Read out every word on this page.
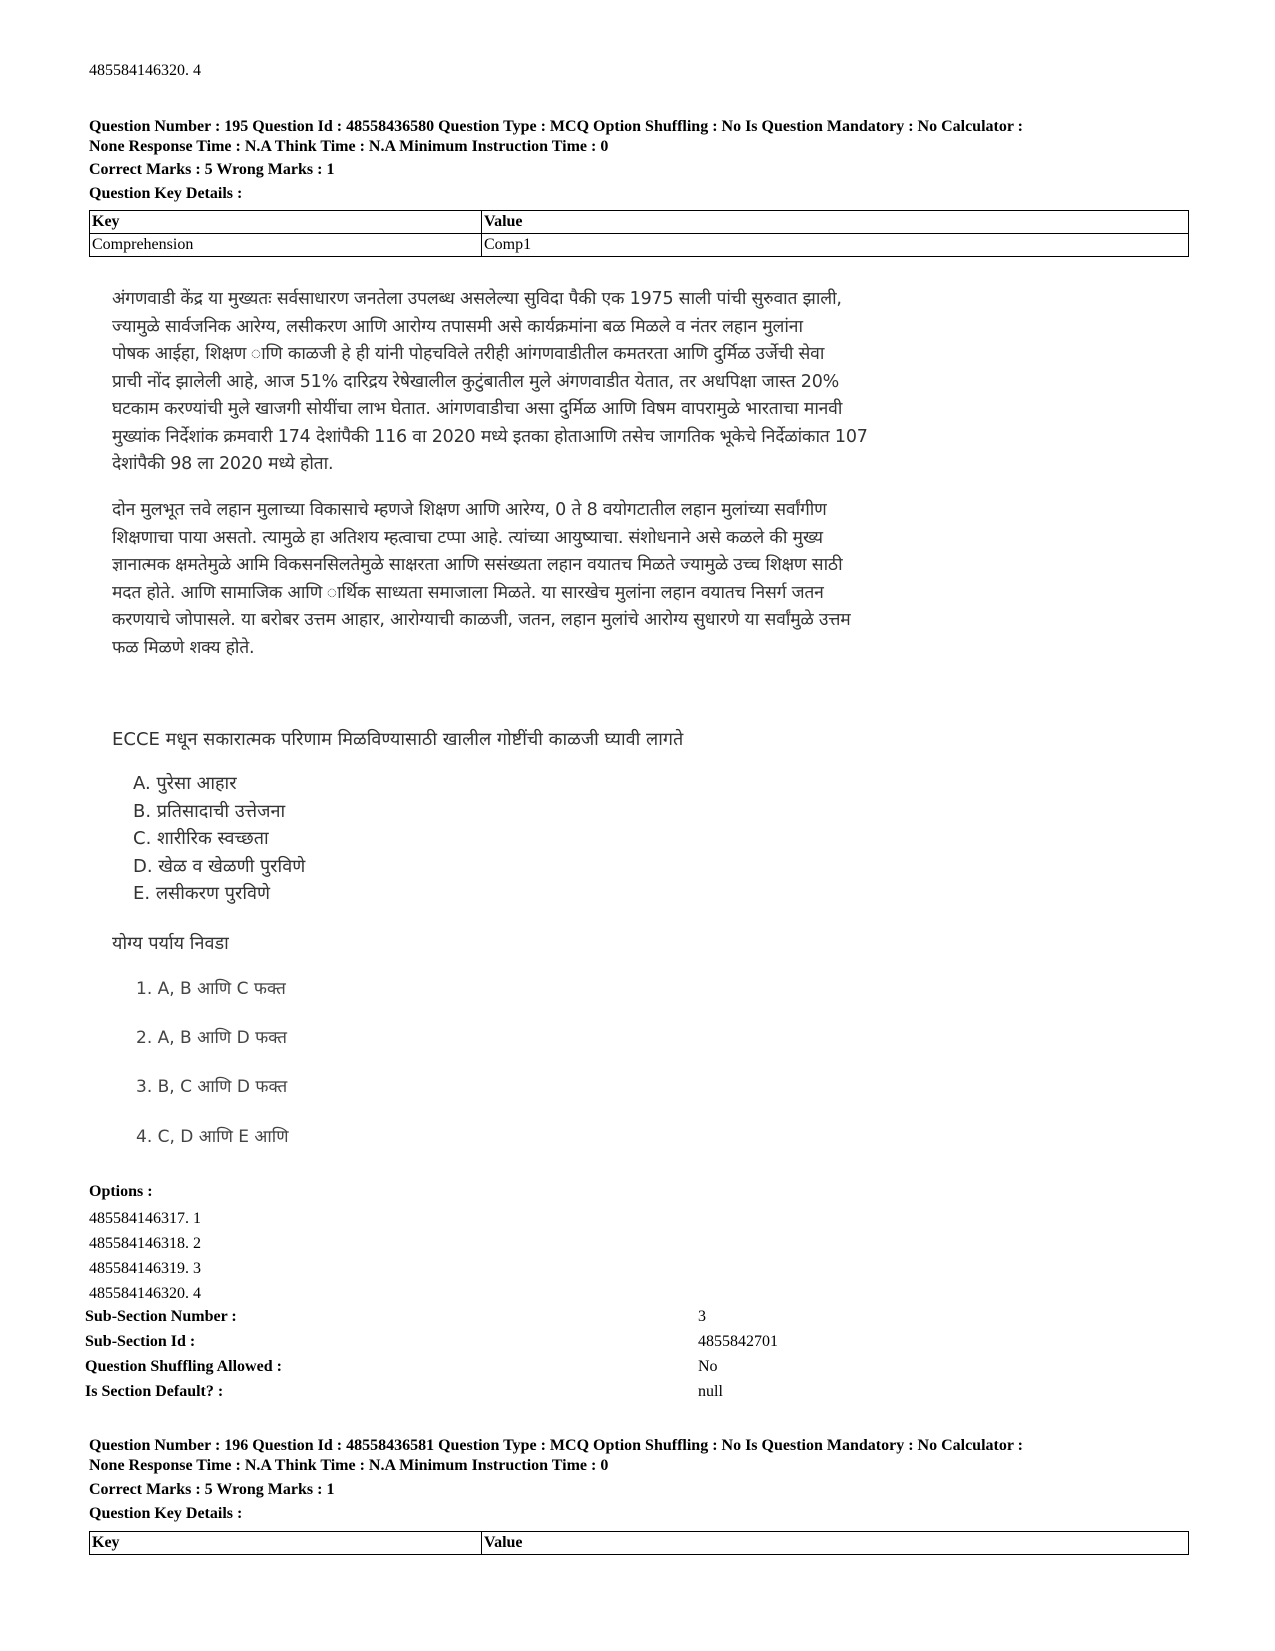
485584146320. 4
Question Number : 195 Question Id : 48558436580 Question Type : MCQ Option Shuffling : No Is Question Mandatory : No Calculator :
None Response Time : N.A Think Time : N.A Minimum Instruction Time : 0
Correct Marks : 5 Wrong Marks : 1
Question Key Details :
Key	Value
Comprehension	Comp1

अंगणवाडी केंद्र या मुख्यतः सर्वसाधारण जनतेला उपलब्ध असलेल्या सुविदा पैकी एक 1975 साली पांची सुरुवात झाली,

ज्यामुळे सार्वजनिक आरेग्य, लसीकरण आणि आरोग्य तपासमी असे कार्यक्रमांना बळ मिळले व नंतर लहान मुलांना

पोषक आईहा, शिक्षण ाणि काळजी हे ही यांनी पोहचविले तरीही आंगणवाडीतील कमतरता आणि दुर्मिळ उर्जेची सेवा

प्राची नोंद झालेली आहे, आज 51% दारिद्रय रेषेखालील कुटुंबातील मुले अंगणवाडीत येतात, तर अधपिक्षा जास्त 20%

घटकाम करण्यांची मुले खाजगी सोयींचा लाभ घेतात. आंगणवाडीचा असा दुर्मिळ आणि विषम वापरामुळे भारताचा मानवी

मुख्यांक निर्देशांक क्रमवारी 174 देशांपैकी 116 वा 2020 मध्ये इतका होताआणि तसेच जागतिक भूकेचे निर्देळांकात 107

देशांपैकी 98 ला 2020 मध्ये होता.

दोन मुलभूत त्तवे लहान मुलाच्या विकासाचे म्हणजे शिक्षण आणि आरेग्य, 0 ते 8 वयोगटातील लहान मुलांच्या सर्वांगीण

शिक्षणाचा पाया असतो. त्यामुळे हा अतिशय म्हत्वाचा टप्पा आहे. त्यांच्या आयुष्याचा. संशोधनाने असे कळले की मुख्य

ज्ञानात्मक क्षमतेमुळे आमि विकसनसिलतेमुळे साक्षरता आणि ससंख्यता लहान वयातच मिळते ज्यामुळे उच्च शिक्षण साठी

मदत होते. आणि सामाजिक आणि ार्थिक साध्यता समाजाला मिळते. या सारखेच मुलांना लहान वयातच निसर्ग जतन

करणयाचे जोपासले. या बरोबर उत्तम आहार, आरोग्याची काळजी, जतन, लहान मुलांचे आरोग्य सुधारणे या सर्वांमुळे उत्तम

फळ मिळणे शक्य होते.

ECCE मधून सकारात्मक परिणाम मिळविण्यासाठी खालील गोष्टींची काळजी घ्यावी लागते
A. पुरेसा आहार
B. प्रतिसादाची उत्तेजना
C. शारीरिक स्वच्छता
D. खेळ व खेळणी पुरविणे
E. लसीकरण पुरविणे
योग्य पर्याय निवडा
1. A, B आणि C फक्त
2. A, B आणि D फक्त
3. B, C आणि D फक्त
4. C, D आणि E आणि
Options :
485584146317. 1
485584146318. 2
485584146319. 3
485584146320. 4
Sub-Section Number :	3
Sub-Section Id :	4855842701
Question Shuffling Allowed :	No
Is Section Default? :	null
Question Number : 196 Question Id : 48558436581 Question Type : MCQ Option Shuffling : No Is Question Mandatory : No Calculator :
None Response Time : N.A Think Time : N.A Minimum Instruction Time : 0
Correct Marks : 5 Wrong Marks : 1
Question Key Details :
Key	Value
